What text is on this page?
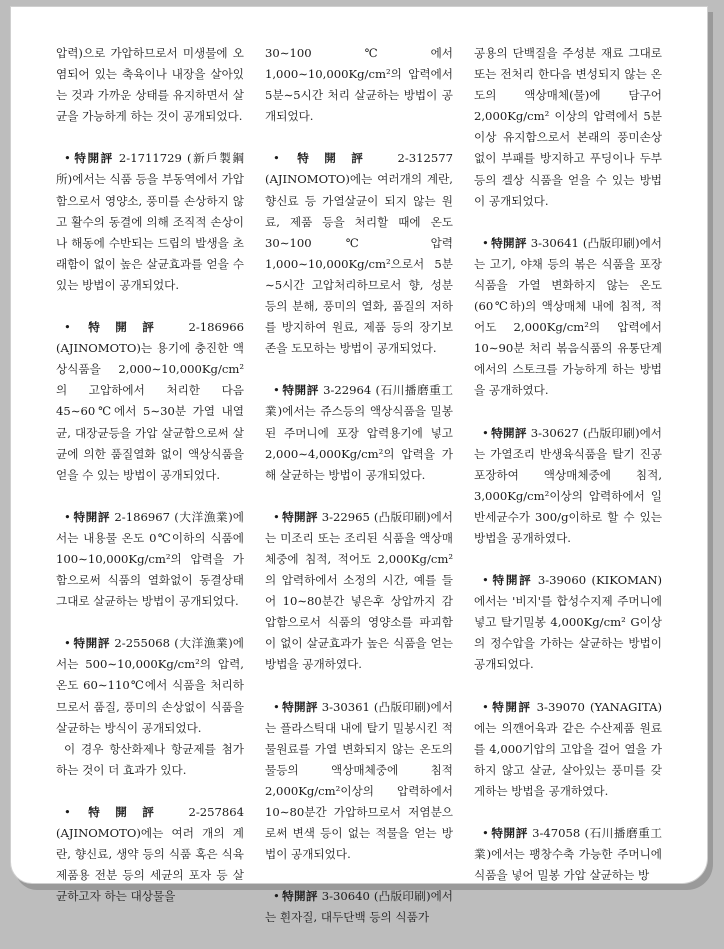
압력)으로 가압하므로서 미생물에 오염되어 있는 축육이나 내장을 살아있는 것과 가까운 상태를 유지하면서 살균을 가능하게 하는 것이 공개되었다.
• 特開評 2-1711729 (新戶製鋼所)에서는 식품 등을 부동역에서 가압함으로서 영양소, 풍미를 손상하지 않고 활수의 동결에 의해 조직적 손상이나 해동에 수반되는 드립의 발생을 초래함이 없이 높은 살균효과를 얻을 수 있는 방법이 공개되었다.
• 特開評 2-186966 (AJINOMOTO)는 용기에 충진한 액상식품을 2,000∼10,000Kg/cm² 의 고압하에서 처리한 다음 45∼60℃에서 5∼30분 가열 내열균, 대장균등을 가압 살균함으로써 살균에 의한 품질열화 없이 액상식품을 얻을 수 있는 방법이 공개되었다.
• 特開評 2-186967 (大洋漁業)에서는 내용물 온도 0℃이하의 식품에 100∼10,000Kg/cm²의 압력을 가함으로써 식품의 열화없이 동결상태 그대로 살균하는 방법이 공개되었다.
• 特開評 2-255068 (大洋漁業)에서는 500∼10,000Kg/cm²의 압력, 온도 60∼110℃에서 식품을 처리하므로서 품질, 풍미의 손상없이 식품을 살균하는 방식이 공개되었다.
이 경우 항산화제나 항균제를 첨가하는 것이 더 효과가 있다.
• 特開評 2-257864 (AJINOMOTO)에는 여러 개의 계란, 향신료, 생약 등의 식품 혹은 식육제품용 전분 등의 세균의 포자 등 살균하고자 하는 대상물을
30∼100℃에서 1,000∼10,000Kg/cm²의 압력에서 5분∼5시간 처리 살균하는 방법이 공개되었다.
• 特開評 2-312577 (AJINOMOTO)에는 여러개의 계란, 향신료 등 가열살균이 되지 않는 원료, 제품 등을 처리할 때에 온도 30∼100℃ 압력 1,000∼10,000Kg/cm²으로서 5분∼5시간 고압처리하므로서 향, 성분 등의 분해, 풍미의 열화, 품질의 저하를 방지하여 원료, 제품 등의 장기보존을 도모하는 방법이 공개되었다.
• 特開評 3-22964 (石川播磨重工業)에서는 쥬스등의 액상식품을 밀봉된 주머니에 포장 압력용기에 넣고 2,000∼4,000Kg/cm²의 압력을 가해 살균하는 방법이 공개되었다.
• 特開評 3-22965 (凸版印刷)에서는 미조리 또는 조리된 식품을 액상매체중에 침적, 적어도 2,000Kg/cm²의 압력하에서 소정의 시간, 예를 들어 10∼80분간 넣은후 상압까지 감압함으로서 식품의 영양소를 파괴함이 없이 살균효과가 높은 식품을 얻는 방법을 공개하였다.
• 特開評 3-30361 (凸版印刷)에서는 플라스틱대 내에 탈기 밀봉시킨 적물원료를 가열 변화되지 않는 온도의 물등의 액상매체중에 침적 2,000Kg/cm²이상의 압력하에서 10∼80분간 가압하므로서 저염분으로써 변색 등이 없는 적물을 얻는 방법이 공개되었다.
• 特開評 3-30640 (凸版印刷)에서는 흰자질, 대두단백 등의 식품가
공용의 단백질을 주성분 재료 그대로 또는 전처리 한다음 변성되지 않는 온도의 액상매체(물)에 담구어 2,000Kg/cm² 이상의 압력에서 5분 이상 유지함으로서 본래의 풍미손상 없이 부패를 방지하고 푸딩이나 두부 등의 겔상 식품을 얻을 수 있는 방법이 공개되었다.
• 特開評 3-30641 (凸版印刷)에서는 고기, 야채 등의 볶은 식품을 포장 식품을 가열 변화하지 않는 온도(60℃하)의 액상매체 내에 침적, 적어도 2,000Kg/cm²의 압력에서 10∼90분 처리 볶음식품의 유통단계에서의 스토크를 가능하게 하는 방법을 공개하였다.
• 特開評 3-30627 (凸版印刷)에서는 가열조리 반생육식품을 탈기 진공포장하여 액상매체중에 침적, 3,000Kg/cm²이상의 압력하에서 일반세균수가 300/g이하로 할 수 있는 방법을 공개하였다.
• 特開評 3-39060 (KIKOMAN)에서는 '비지'를 합성수지제 주머니에 넣고 탈기밀봉 4,000Kg/cm² G이상의 정수압을 가하는 살균하는 방법이 공개되었다.
• 特開評 3-39070 (YANAGITA)에는 의깬어육과 같은 수산제품 원료를 4,000기압의 고압을 걸어 열을 가하지 않고 살균, 살아있는 풍미를 갖게하는 방법을 공개하였다.
• 特開評 3-47058 (石川播磨重工業)에서는 팽창수축 가능한 주머니에 식품을 넣어 밀봉 가압 살균하는 방
